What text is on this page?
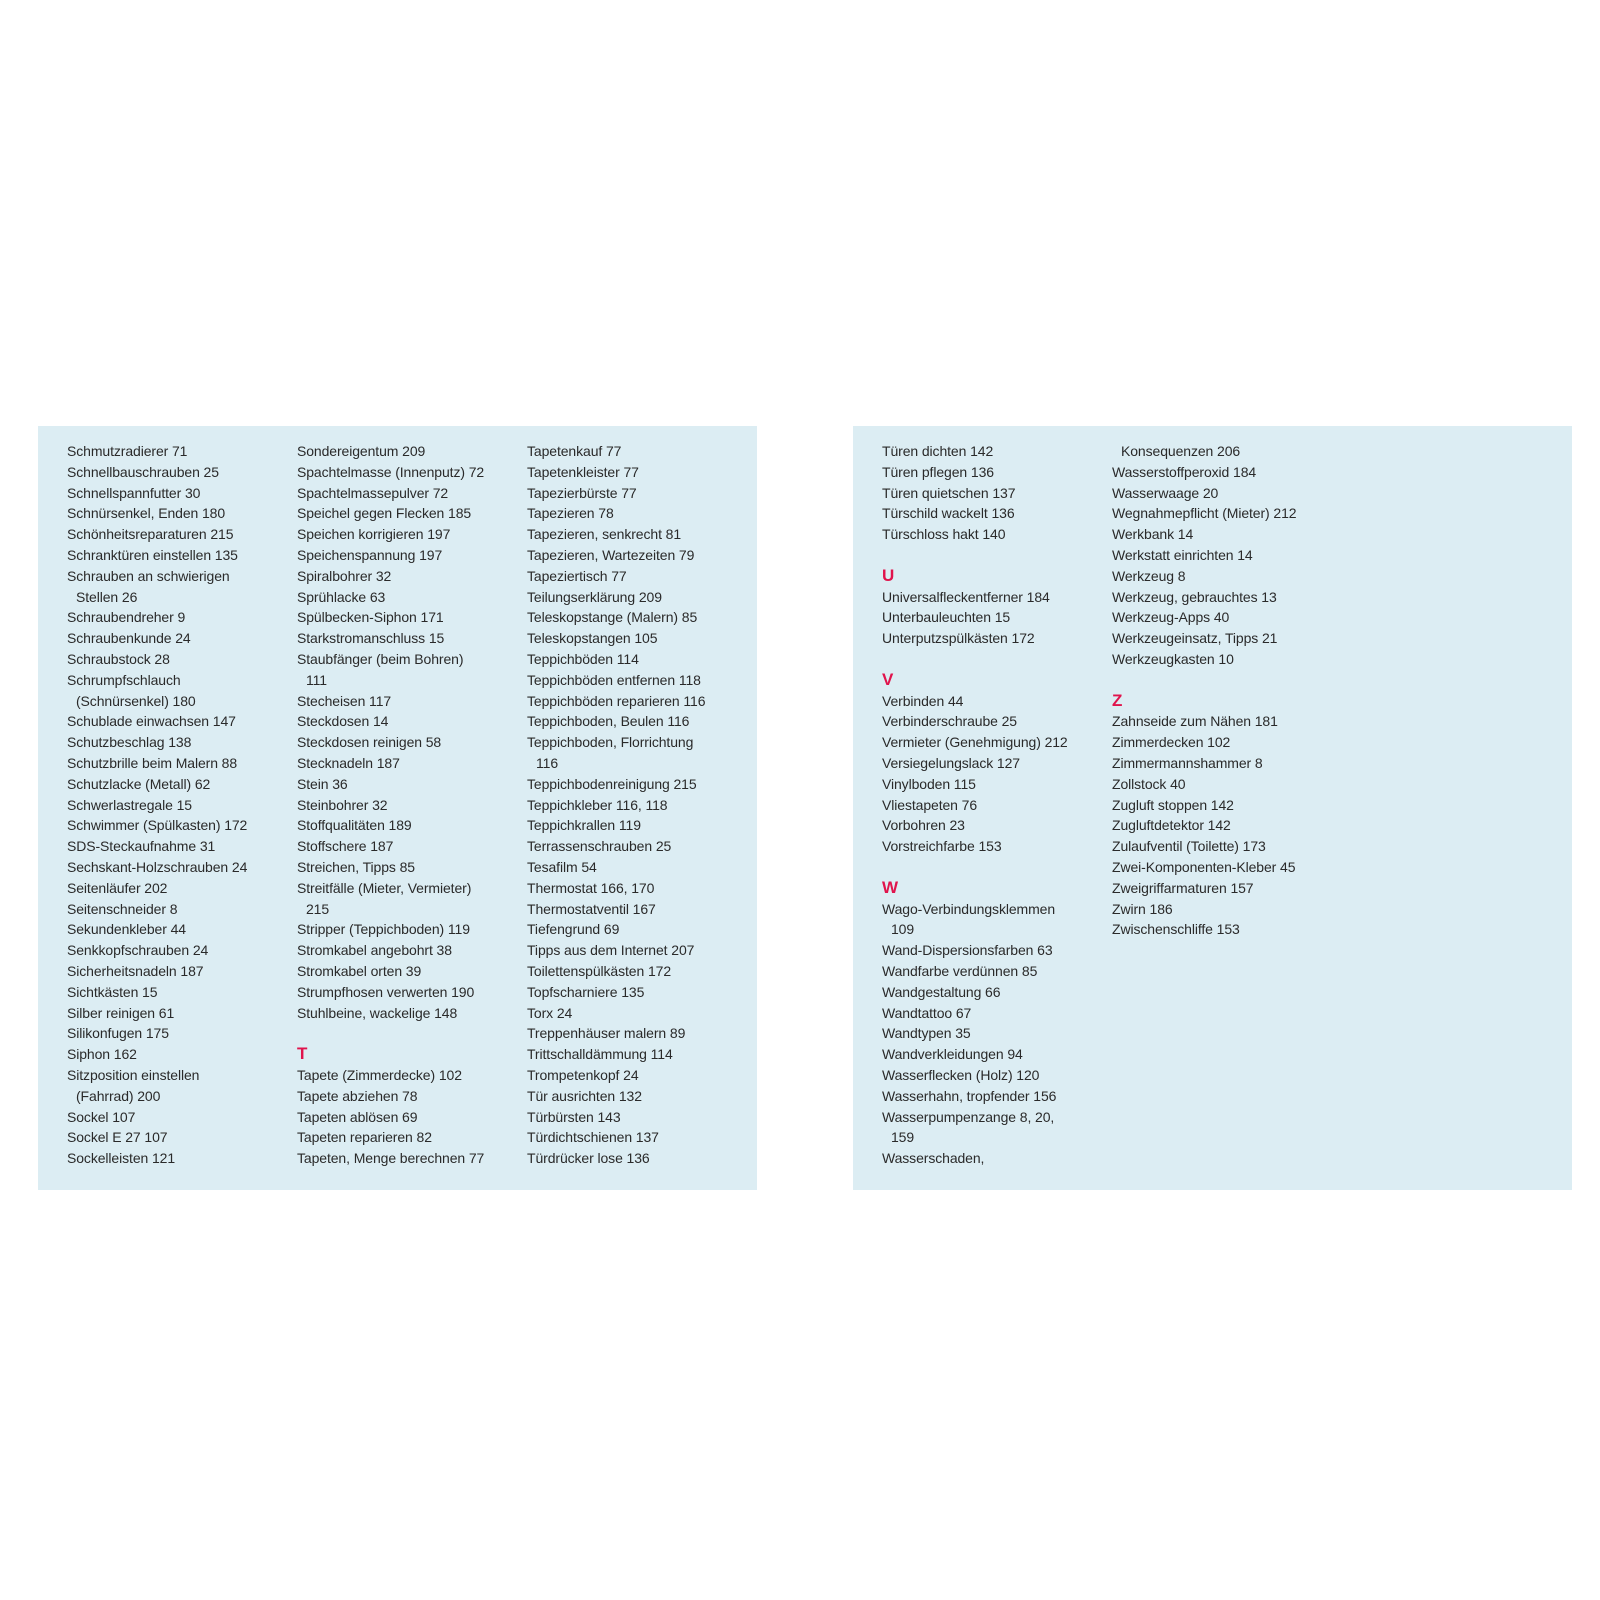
Schmutzradierer 71
Schnellbauschrauben 25
Schnellspannfutter 30
Schnürsenkel, Enden 180
Schönheitsreparaturen 215
Schranktüren einstellen 135
Schrauben an schwierigen
Stellen 26
Schraubendreher 9
Schraubenkunde 24
Schraubstock 28
Schrumpfschlauch
(Schnürsenkel) 180
Schublade einwachsen 147
Schutzbeschlag 138
Schutzbrille beim Malern 88
Schutzlacke (Metall) 62
Schwerlastregale 15
Schwimmer (Spülkasten) 172
SDS-Steckaufnahme 31
Sechskant-Holzschrauben 24
Seitenläufer 202
Seitenschneider 8
Sekundenkleber 44
Senkkopfschrauben 24
Sicherheitsnadeln 187
Sichtkästen 15
Silber reinigen 61
Silikonfugen 175
Siphon 162
Sitzposition einstellen
(Fahrrad) 200
Sockel 107
Sockel E 27 107
Sockelleisten 121
Sondereigentum 209
Spachtelmasse (Innenputz) 72
Spachtelmassepulver 72
Speichel gegen Flecken 185
Speichen korrigieren 197
Speichenspannung 197
Spiralbohrer 32
Sprühlacke 63
Spülbecken-Siphon 171
Starkstromanschluss 15
Staubfänger (beim Bohren)
111
Stecheisen 117
Steckdosen 14
Steckdosen reinigen 58
Stecknadeln 187
Stein 36
Steinbohrer 32
Stoffqualitäten 189
Stoffschere 187
Streichen, Tipps 85
Streitfälle (Mieter, Vermieter)
215
Stripper (Teppichboden) 119
Stromkabel angebohrt 38
Stromkabel orten 39
Strumpfhosen verwerten 190
Stuhlbeine, wackelige 148
T
Tapete (Zimmerdecke) 102
Tapete abziehen 78
Tapeten ablösen 69
Tapeten reparieren 82
Tapeten, Menge berechnen 77
Tapetenkauf 77
Tapetenkleister 77
Tapezierbürste 77
Tapezieren 78
Tapezieren, senkrecht 81
Tapezieren, Wartezeiten 79
Tapeziertisch 77
Teilungserklärung 209
Teleskopstange (Malern) 85
Teleskopstangen 105
Teppichböden 114
Teppichböden entfernen 118
Teppichböden reparieren 116
Teppichboden, Beulen 116
Teppichboden, Florrichtung
116
Teppichbodenreinigung 215
Teppichkleber 116, 118
Teppichkrallen 119
Terrassenschrauben 25
Tesafilm 54
Thermostat 166, 170
Thermostatventil 167
Tiefengrund 69
Tipps aus dem Internet 207
Toilettenspülkästen 172
Topfscharniere 135
Torx 24
Treppenhäuser malern 89
Trittschalldämmung 114
Trompetenkopf 24
Tür ausrichten 132
Türbürsten 143
Türdichtschienen 137
Türdrücker lose 136
Türen dichten 142
Türen pflegen 136
Türen quietschen 137
Türschild wackelt 136
Türschloss hakt 140
U
Universalfleckentferner 184
Unterbauleuchten 15
Unterputzspülkästen 172
V
Verbinden 44
Verbinderschraube 25
Vermieter (Genehmigung) 212
Versiegelungslack 127
Vinylboden 115
Vliestapeten 76
Vorbohren 23
Vorstreichfarbe 153
W
Wago-Verbindungsklemmen
109
Wand-Dispersionsfarben 63
Wandfarbe verdünnen 85
Wandgestaltung 66
Wandtattoo 67
Wandtypen 35
Wandverkleidungen 94
Wasserflecken (Holz) 120
Wasserhahn, tropfender 156
Wasserpumpenzange 8, 20,
159
Wasserschaden,
Konsequenzen 206
Wasserstoffperoxid 184
Wasserwaage 20
Wegnahmepflicht (Mieter) 212
Werkbank 14
Werkstatt einrichten 14
Werkzeug 8
Werkzeug, gebrauchtes 13
Werkzeug-Apps 40
Werkzeugeinsatz, Tipps 21
Werkzeugkasten 10
Z
Zahnseide zum Nähen 181
Zimmerdecken 102
Zimmermannshammer 8
Zollstock 40
Zugluft stoppen 142
Zugluftdetektor 142
Zulaufventil (Toilette) 173
Zwei-Komponenten-Kleber 45
Zweigriffarmaturen 157
Zwirn 186
Zwischenschliffe 153
